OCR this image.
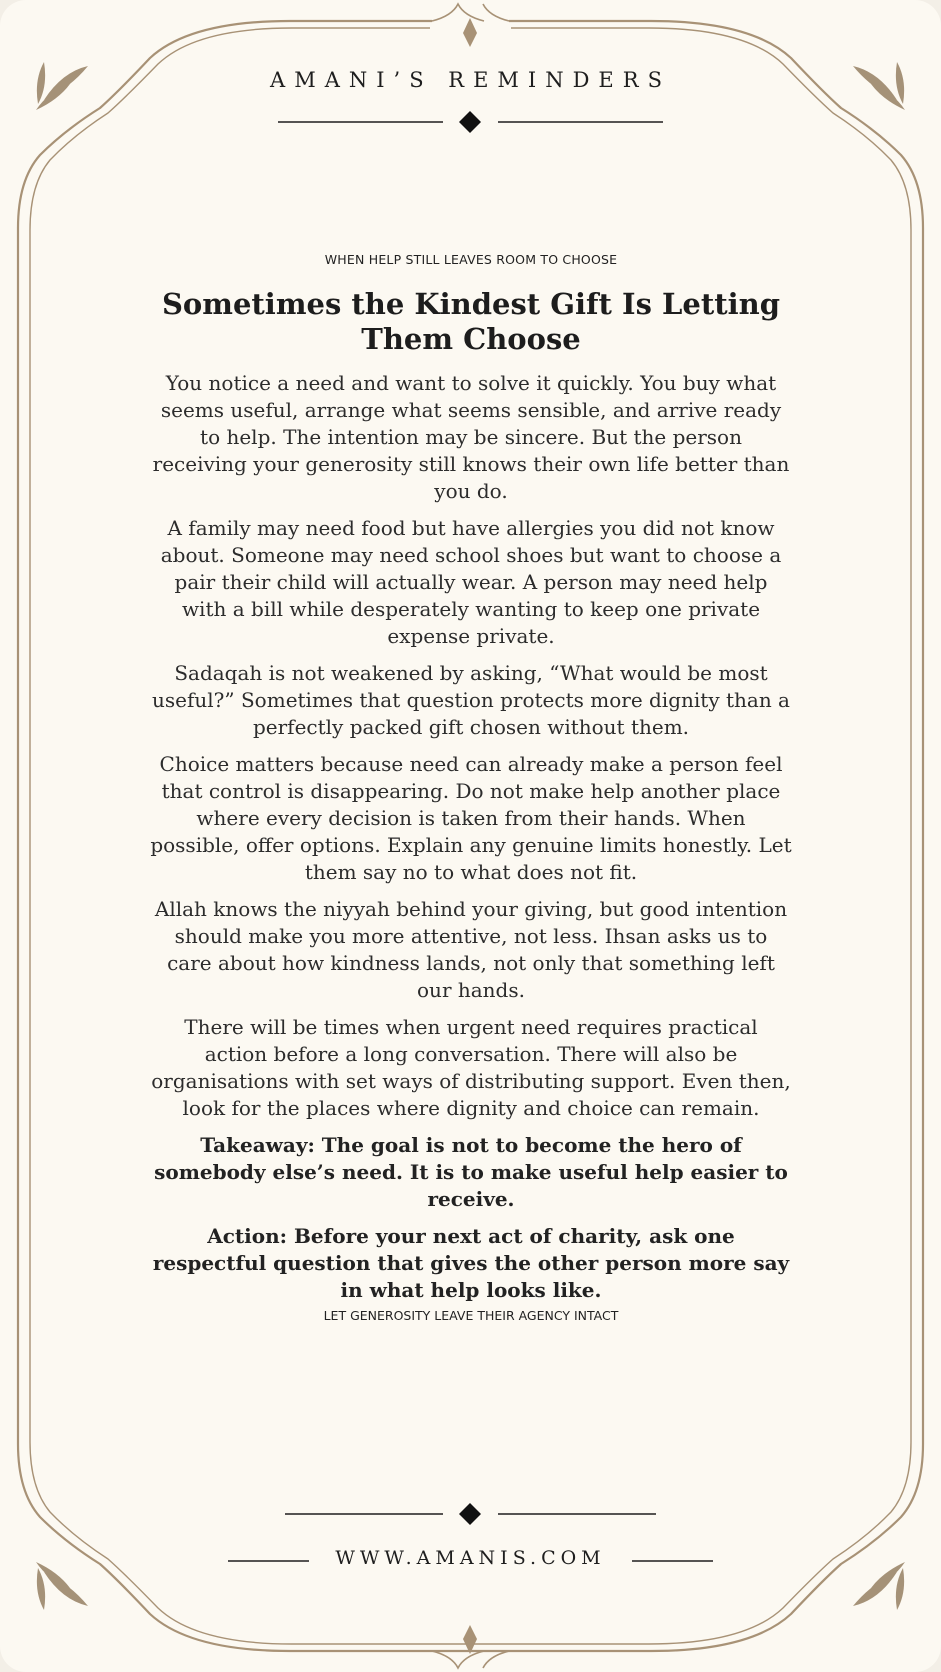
AMANI’S REMINDERS
WHEN HELP STILL LEAVES ROOM TO CHOOSE
Sometimes the Kindest Gift Is Letting Them Choose

You notice a need and want to solve it quickly. You buy what seems useful, arrange what seems sensible, and arrive ready to help. The intention may be sincere. But the person receiving your generosity still knows their own life better than you do.

A family may need food but have allergies you did not know about. Someone may need school shoes but want to choose a pair their child will actually wear. A person may need help with a bill while desperately wanting to keep one private expense private.

Sadaqah is not weakened by asking, “What would be most useful?” Sometimes that question protects more dignity than a perfectly packed gift chosen without them.

Choice matters because need can already make a person feel that control is disappearing. Do not make help another place where every decision is taken from their hands. When possible, offer options. Explain any genuine limits honestly. Let them say no to what does not fit.

Allah knows the niyyah behind your giving, but good intention should make you more attentive, not less. Ihsan asks us to care about how kindness lands, not only that something left our hands.

There will be times when urgent need requires practical action before a long conversation. There will also be organisations with set ways of distributing support. Even then, look for the places where dignity and choice can remain.

Takeaway: The goal is not to become the hero of somebody else’s need. It is to make useful help easier to receive.

Action: Before your next act of charity, ask one respectful question that gives the other person more say in what help looks like.

LET GENEROSITY LEAVE THEIR AGENCY INTACT
WWW.AMANIS.COM
